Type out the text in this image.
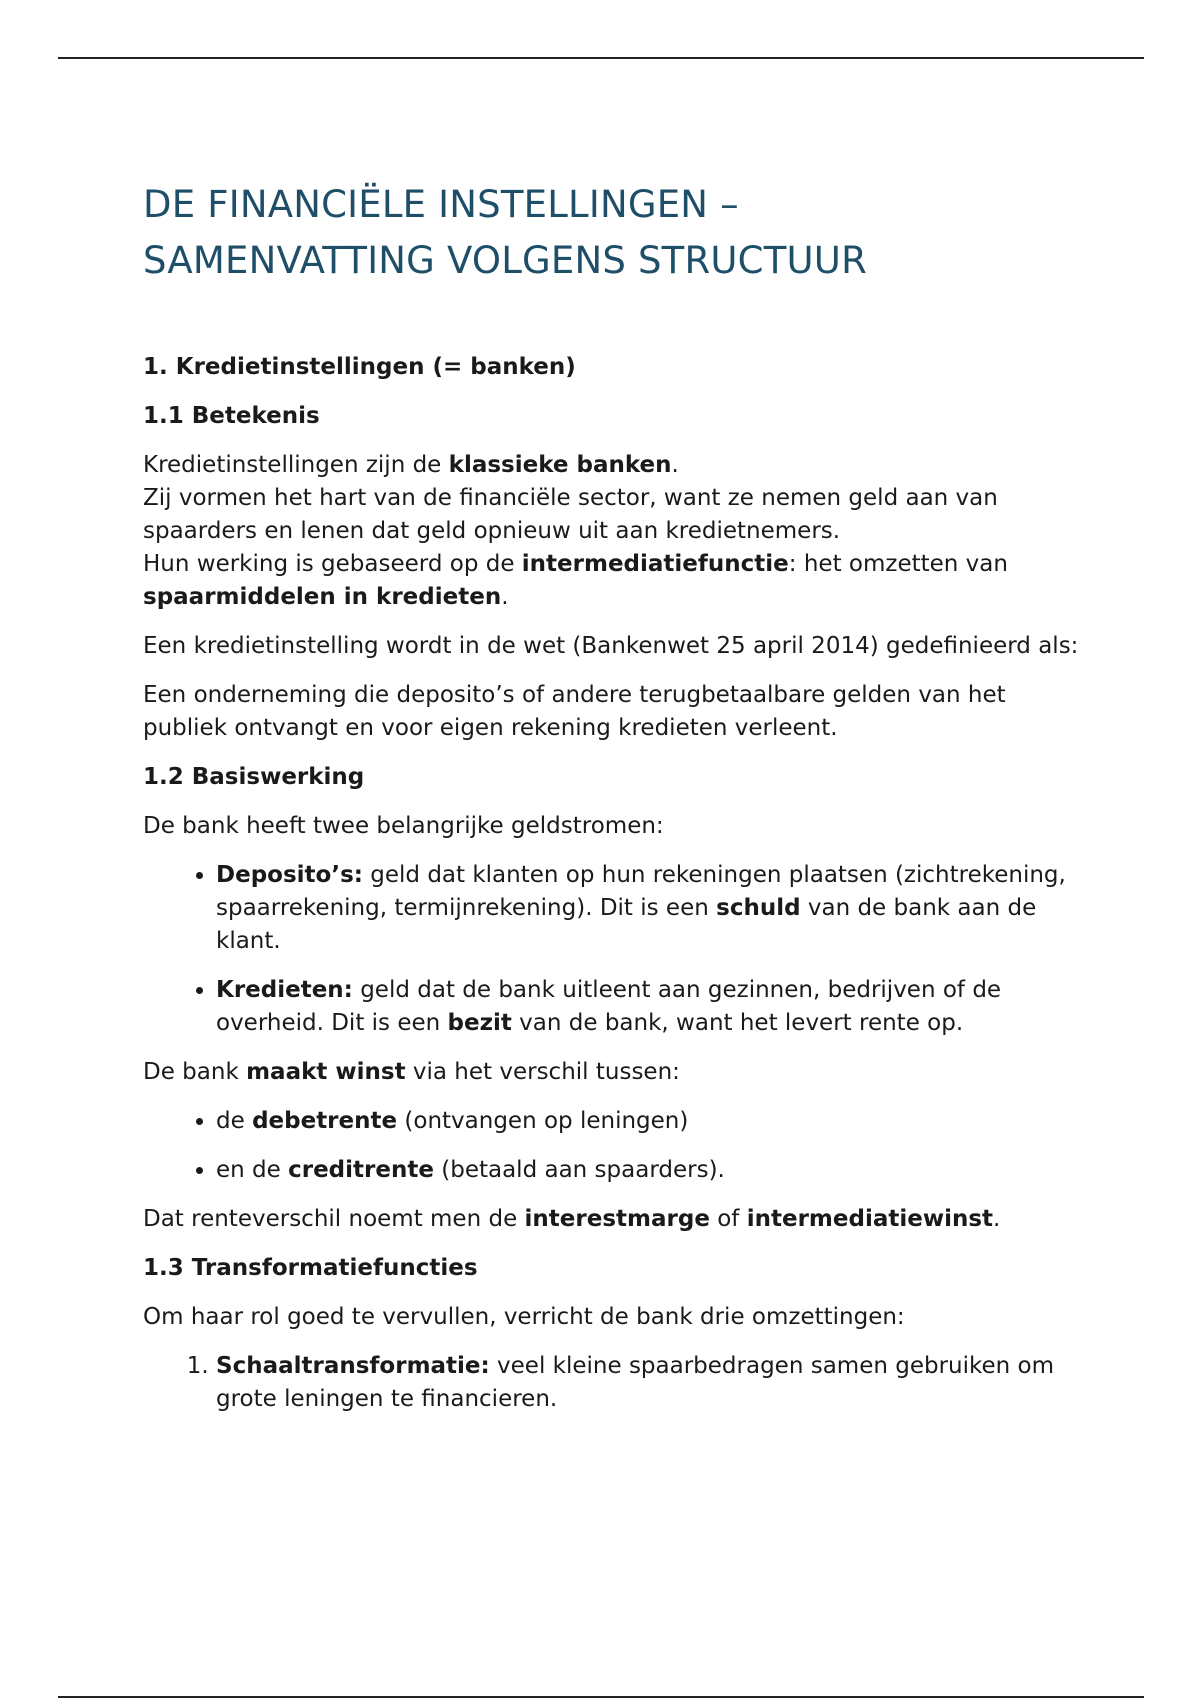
DE FINANCIËLE INSTELLINGEN –
SAMENVATTING VOLGENS STRUCTUUR
1. Kredietinstellingen (= banken)
1.1 Betekenis

Kredietinstellingen zijn de klassieke banken.
Zij vormen het hart van de financiële sector, want ze nemen geld aan van spaarders en lenen dat geld opnieuw uit aan kredietnemers.
Hun werking is gebaseerd op de intermediatiefunctie: het omzetten van spaarmiddelen in kredieten.

Een kredietinstelling wordt in de wet (Bankenwet 25 april 2014) gedefinieerd als:

Een onderneming die deposito’s of andere terugbetaalbare gelden van het publiek ontvangt en voor eigen rekening kredieten verleent.

1.2 Basiswerking

De bank heeft twee belangrijke geldstromen:

• Deposito’s: geld dat klanten op hun rekeningen plaatsen (zichtrekening, spaarrekening, termijnrekening). Dit is een schuld van de bank aan de klant.
• Kredieten: geld dat de bank uitleent aan gezinnen, bedrijven of de overheid. Dit is een bezit van de bank, want het levert rente op.

De bank maakt winst via het verschil tussen:

• de debetrente (ontvangen op leningen)
• en de creditrente (betaald aan spaarders).

Dat renteverschil noemt men de interestmarge of intermediatiewinst.

1.3 Transformatiefuncties

Om haar rol goed te vervullen, verricht de bank drie omzettingen:

1. Schaaltransformatie: veel kleine spaarbedragen samen gebruiken om grote leningen te financieren.
